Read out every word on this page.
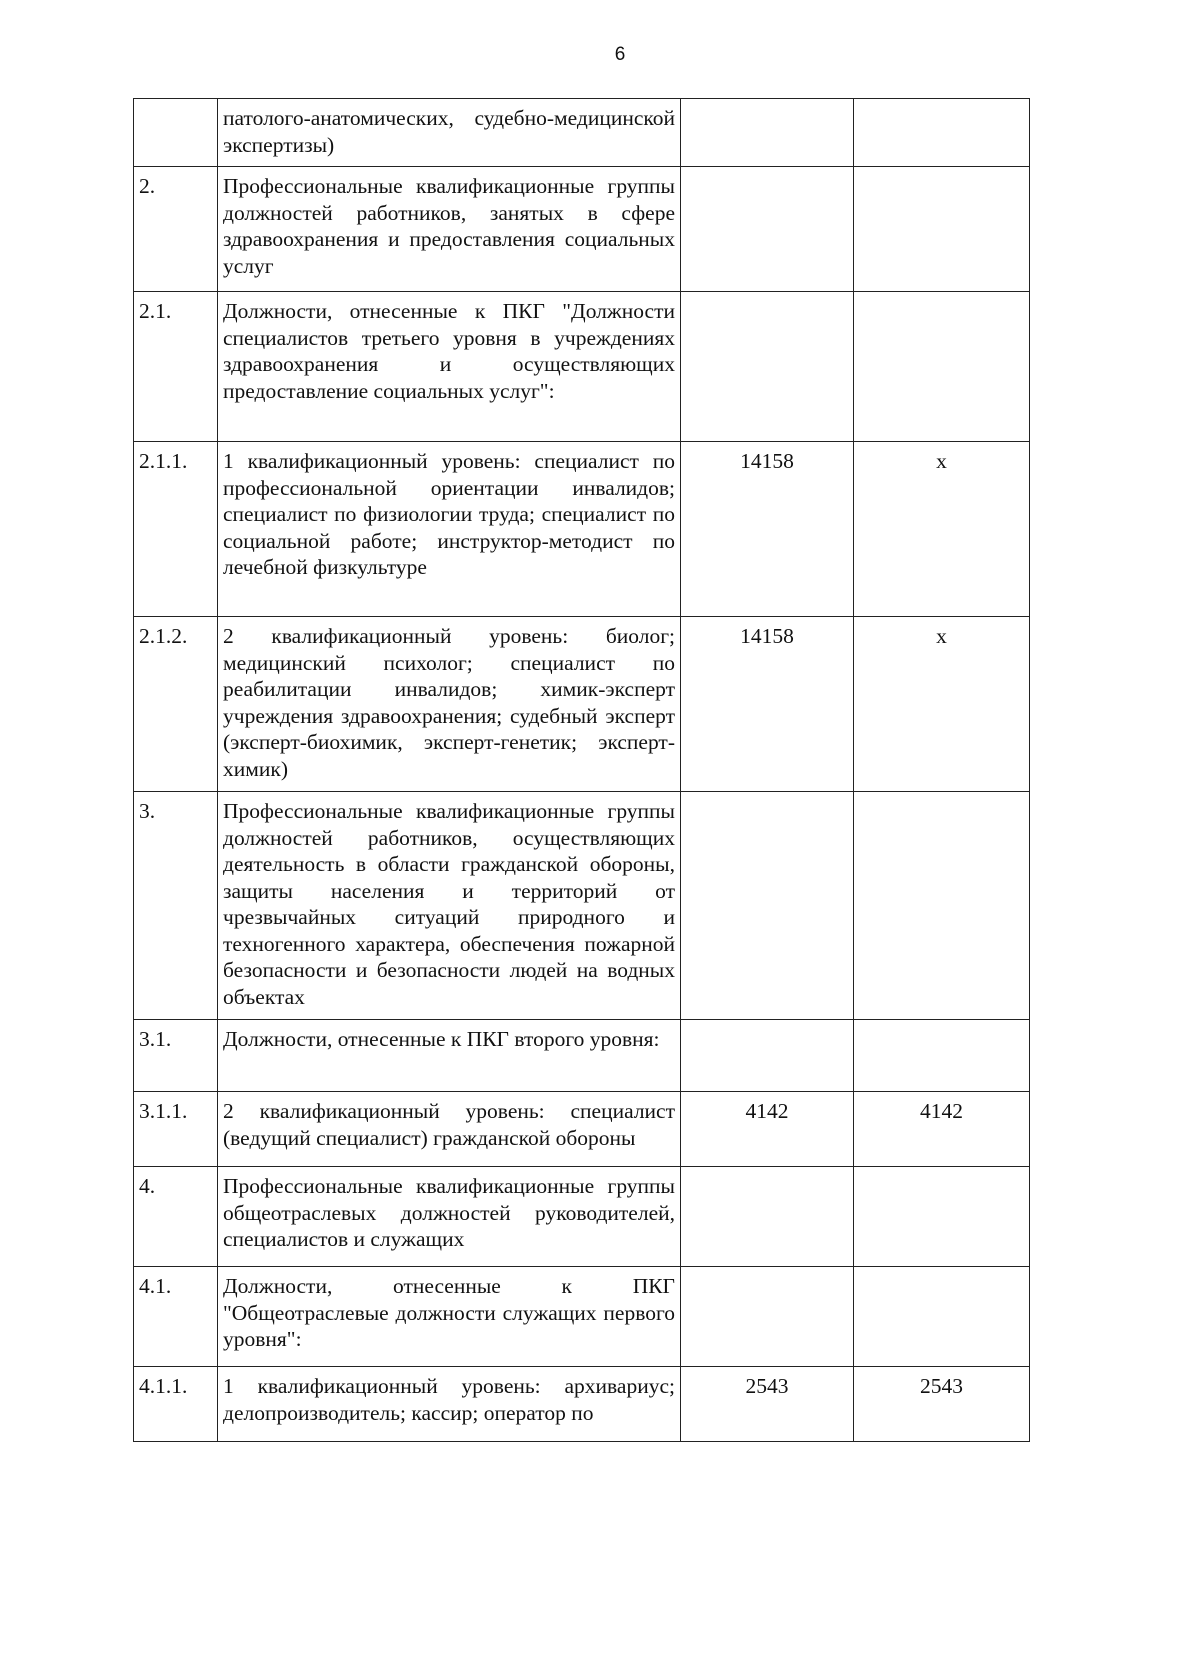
6
	патолого-анатомических, судебно-медицинской экспертизы)		
2.	Профессиональные квалификационные группы должностей работников, занятых в сфере здравоохранения и предоставления социальных услуг		
2.1.	Должности, отнесенные к ПКГ "Должности специалистов третьего уровня в учреждениях здравоохранения и осуществляющих предоставление социальных услуг":		
2.1.1.	1 квалификационный уровень: специалист по профессиональной ориентации инвалидов; специалист по физиологии труда; специалист по социальной работе; инструктор-методист по лечебной физкультуре	14158	х
2.1.2.	2 квалификационный уровень: биолог; медицинский психолог; специалист по реабилитации инвалидов; химик-эксперт учреждения здравоохранения; судебный эксперт (эксперт-биохимик, эксперт-генетик; эксперт-химик)	14158	х
3.	Профессиональные квалификационные группы должностей работников, осуществляющих деятельность в области гражданской обороны, защиты населения и территорий от чрезвычайных ситуаций природного и техногенного характера, обеспечения пожарной безопасности и безопасности людей на водных объектах		
3.1.	Должности, отнесенные к ПКГ второго уровня:		
3.1.1.	2 квалификационный уровень: специалист (ведущий специалист) гражданской обороны	4142	4142
4.	Профессиональные квалификационные группы общеотраслевых должностей руководителей, специалистов и служащих		
4.1.	Должности, отнесенные к ПКГ "Общеотраслевые должности служащих первого уровня":		
4.1.1.	1 квалификационный уровень: архивариус; делопроизводитель; кассир; оператор по	2543	2543
